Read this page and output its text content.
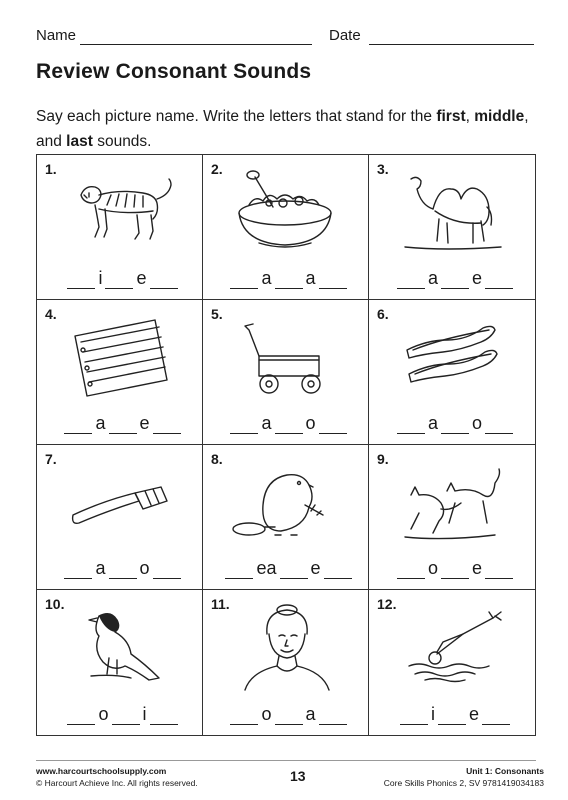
Name	Date
Review Consonant Sounds
Say each picture name. Write the letters that stand for the first, middle, and last sounds.
1.
i e
2.
a a
3.
a e
4.
a e
5.
a o
6.
a o
7.
a o
8.
ea e
9.
o e
10.
o i
11.
o a
12.
i e
www.harcourtschoolsupply.com
© Harcourt Achieve Inc. All rights reserved.	13	Unit 1: Consonants
Core Skills Phonics 2, SV 9781419034183
